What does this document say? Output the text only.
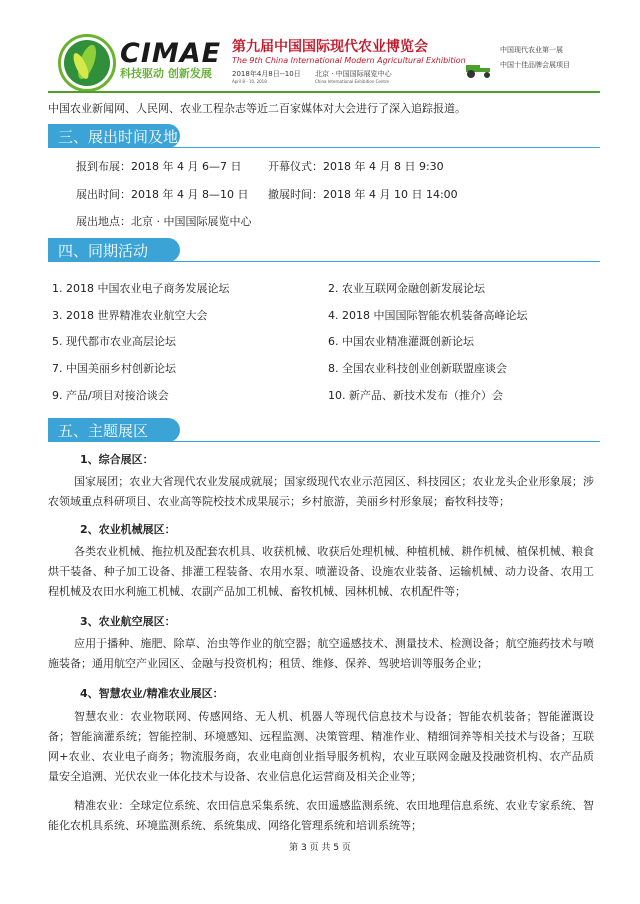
CIMAE
科技驱动 创新发展
第九届中国国际现代农业博览会
The 9th China International Modern Agricultural Exhibition
2018年4月8日--10日
April 8 - 10, 2018
北京 · 中国国际展览中心
China International Exhibition Centre
中国现代农业第一展
中国十佳品牌会展项目
中国农业新闻网、人民网、农业工程杂志等近二百家媒体对大会进行了深入追踪报道。
三、展出时间及地点
报到布展：2018 年 4 月 6—7 日 开幕仪式：2018 年 4 月 8 日 9:30
展出时间：2018 年 4 月 8—10 日 撤展时间：2018 年 4 月 10 日 14:00
展出地点：北京 · 中国国际展览中心
四、同期活动
1. 2018 中国农业电子商务发展论坛	2. 农业互联网金融创新发展论坛
3. 2018 世界精准农业航空大会	4. 2018 中国国际智能农机装备高峰论坛
5. 现代都市农业高层论坛	6. 中国农业精准灌溉创新论坛
7. 中国美丽乡村创新论坛	8. 全国农业科技创业创新联盟座谈会
9. 产品/项目对接洽谈会	10. 新产品、新技术发布（推介）会
五、主题展区
1、综合展区：
国家展团；农业大省现代农业发展成就展；国家级现代农业示范园区、科技园区；农业龙头企业形象展；涉农领域重点科研项目、农业高等院校技术成果展示；乡村旅游，美丽乡村形象展；畜牧科技等；
2、农业机械展区：
各类农业机械、拖拉机及配套农机具、收获机械、收获后处理机械、种植机械、耕作机械、植保机械、粮食烘干装备、种子加工设备、排灌工程装备、农用水泵、喷灌设备、设施农业装备、运输机械、动力设备、农用工程机械及农田水利施工机械、农副产品加工机械、畜牧机械、园林机械、农机配件等；
3、农业航空展区：
应用于播种、施肥、除草、治虫等作业的航空器；航空遥感技术、测量技术、检测设备；航空施药技术与喷施装备；通用航空产业园区、金融与投资机构；租赁、维修、保养、驾驶培训等服务企业；
4、智慧农业/精准农业展区：
智慧农业：农业物联网、传感网络、无人机、机器人等现代信息技术与设备；智能农机装备；智能灌溉设备；智能滴灌系统；智能控制、环境感知、远程监测、决策管理、精准作业、精细饲养等相关技术与设备；互联网+农业、农业电子商务；物流服务商，农业电商创业指导服务机构，农业互联网金融及投融资机构、农产品质量安全追溯、光伏农业一体化技术与设备、农业信息化运营商及相关企业等；
精准农业：全球定位系统、农田信息采集系统、农田遥感监测系统、农田地理信息系统、农业专家系统、智能化农机具系统、环境监测系统、系统集成、网络化管理系统和培训系统等；
第 3 页 共 5 页
